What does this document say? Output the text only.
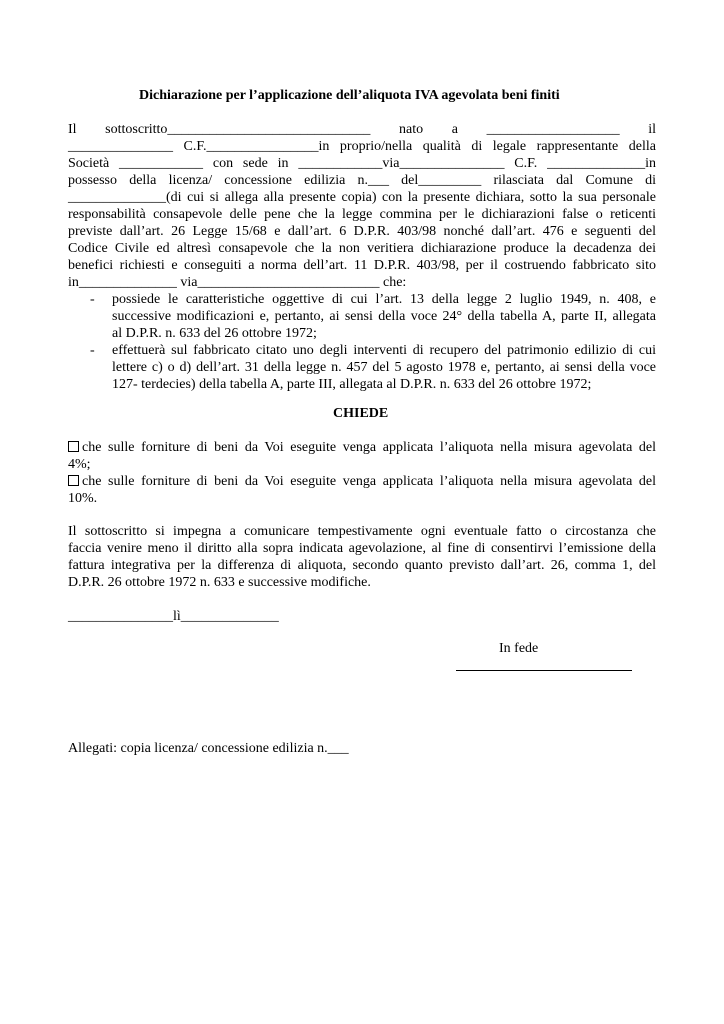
Dichiarazione per l’applicazione dell’aliquota IVA agevolata beni finiti
Il sottoscritto_____________________________ nato a ___________________ il
_______________ C.F.________________in proprio/nella qualità di legale rappresentante della
Società ____________ con sede in ____________via_______________ C.F. ______________in
possesso della licenza/ concessione edilizia n.___ del_________ rilasciata dal Comune di
______________(di cui si allega alla presente copia) con la presente dichiara, sotto la sua personale
responsabilità consapevole delle pene che la legge commina per le dichiarazioni false o reticenti
previste dall’art. 26 Legge 15/68 e dall’art. 6 D.P.R. 403/98 nonché dall’art. 476 e seguenti del
Codice Civile ed altresì consapevole che la non veritiera dichiarazione produce la decadenza dei
benefici richiesti e conseguiti a norma dell’art. 11 D.P.R. 403/98, per il costruendo fabbricato sito
in______________ via__________________________ che:
- possiede le caratteristiche oggettive di cui l’art. 13 della legge 2 luglio 1949, n. 408, e
successive modificazioni e, pertanto, ai sensi della voce 24° della tabella A, parte II, allegata
al D.P.R. n. 633 del 26 ottobre 1972;
- effettuerà sul fabbricato citato uno degli interventi di recupero del patrimonio edilizio di cui
lettere c) o d) dell’art. 31 della legge n. 457 del 5 agosto 1978 e, pertanto, ai sensi della voce
127- terdecies) della tabella A, parte III, allegata al D.P.R. n. 633 del 26 ottobre 1972;
CHIEDE
che sulle forniture di beni da Voi eseguite venga applicata l’aliquota nella misura agevolata del
4%;
che sulle forniture di beni da Voi eseguite venga applicata l’aliquota nella misura agevolata del
10%.
Il sottoscritto si impegna a comunicare tempestivamente ogni eventuale fatto o circostanza che
faccia venire meno il diritto alla sopra indicata agevolazione, al fine di consentirvi l’emissione della
fattura integrativa per la differenza di aliquota, secondo quanto previsto dall’art. 26, comma 1, del
D.P.R. 26 ottobre 1972 n. 633 e successive modifiche.
_______________lì______________
In fede
Allegati: copia licenza/ concessione edilizia n.___
